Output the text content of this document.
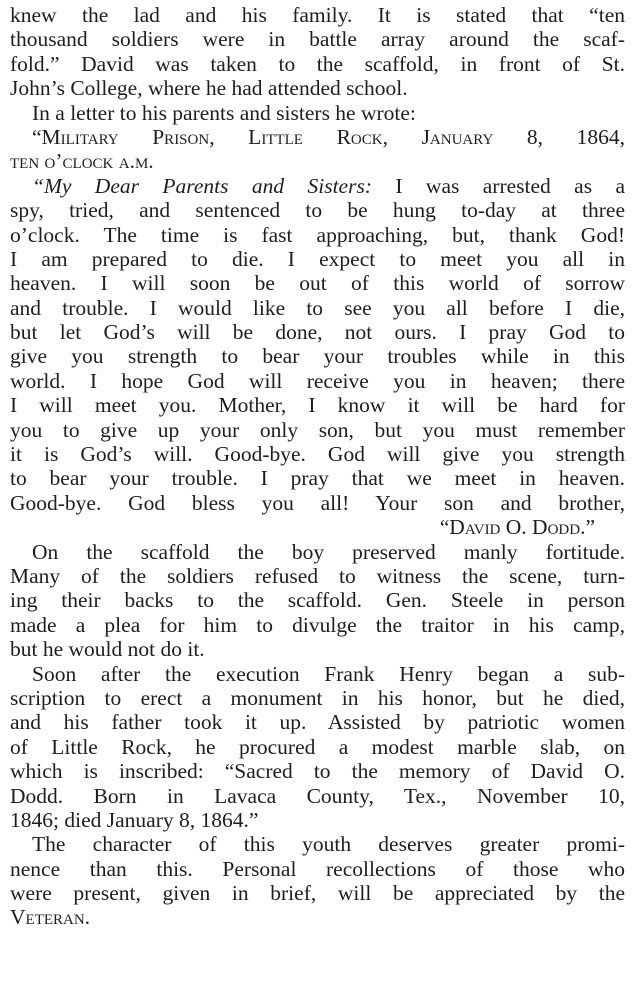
knew the lad and his family. It is stated that “ten
thousand soldiers were in battle array around the scaf-
fold.” David was taken to the scaffold, in front of St.
John’s College, where he had attended school.
In a letter to his parents and sisters he wrote:
“Military Prison, Little Rock, January 8, 1864,
ten o’clock a.m.
“My Dear Parents and Sisters: I was arrested as a
spy, tried, and sentenced to be hung to-day at three
o’clock. The time is fast approaching, but, thank God!
I am prepared to die. I expect to meet you all in
heaven. I will soon be out of this world of sorrow
and trouble. I would like to see you all before I die,
but let God’s will be done, not ours. I pray God to
give you strength to bear your troubles while in this
world. I hope God will receive you in heaven; there
I will meet you. Mother, I know it will be hard for
you to give up your only son, but you must remember
it is God’s will. Good-bye. God will give you strength
to bear your trouble. I pray that we meet in heaven.
Good-bye. God bless you all! Your son and brother,
“David O. Dodd.”
On the scaffold the boy preserved manly fortitude.
Many of the soldiers refused to witness the scene, turn-
ing their backs to the scaffold. Gen. Steele in person
made a plea for him to divulge the traitor in his camp,
but he would not do it.
Soon after the execution Frank Henry began a sub-
scription to erect a monument in his honor, but he died,
and his father took it up. Assisted by patriotic women
of Little Rock, he procured a modest marble slab, on
which is inscribed: “Sacred to the memory of David O.
Dodd. Born in Lavaca County, Tex., November 10,
1846; died January 8, 1864.”
The character of this youth deserves greater promi-
nence than this. Personal recollections of those who
were present, given in brief, will be appreciated by the
Veteran.
